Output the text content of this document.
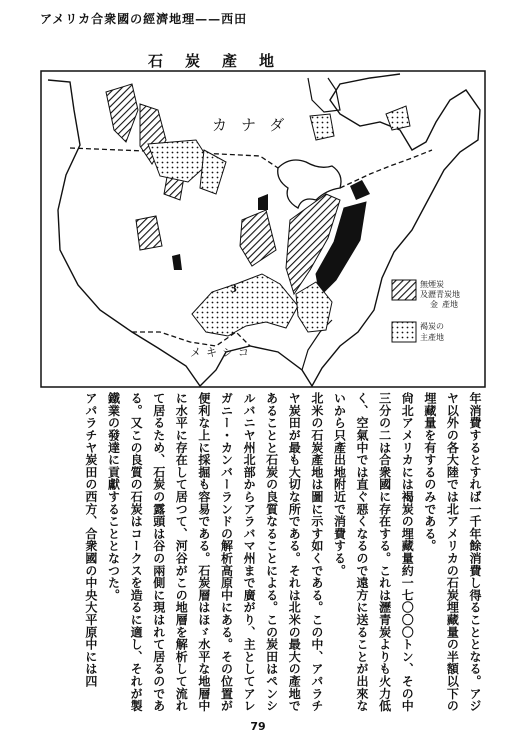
アメリカ合衆國の經濟地理——西田
石炭產地
カナダ
メキシコ
3	無煙炭
及瀝青炭地
金 產地
褐炭の
主產地

年消費するとすれば一千年餘消費し得ることとなる。アジヤ以外の各大陸では北アメリカの石炭埋藏量の半額以下の埋藏量を有するのみである。

尙北アメリカには褐炭の埋藏量約一七〇〇〇トン、その中三分の二は合衆國に存在する。これは瀝青炭よりも火力低く、空氣中では直ぐ惡くなるので遠方に送ることが出來ないから只產出地附近で消費する。

北米の石炭產地は圖に示す如くである。この中、アパラチヤ炭田が最も大切な所である。それは北米の最大の產地であることと石炭の良質なることによる。この炭田はペンシルバニヤ州北部からアラバマ州まで廣がり、主としてアレガニー・カンバーランドの解析高原中にある。その位置が便利な上に採掘も容易である。石炭層はほゞ水平な地層中に水平に存在して居つて、河谷がこの地層を解析して流れて居るため、石炭の露頭は谷の兩側に現はれて居るのである。又この良質の石炭はコークスを造るに適し、それが製鐵業の發達に貢獻することとなつた。

アパラチヤ炭田の西方、合衆國の中央大平原中には四

79
